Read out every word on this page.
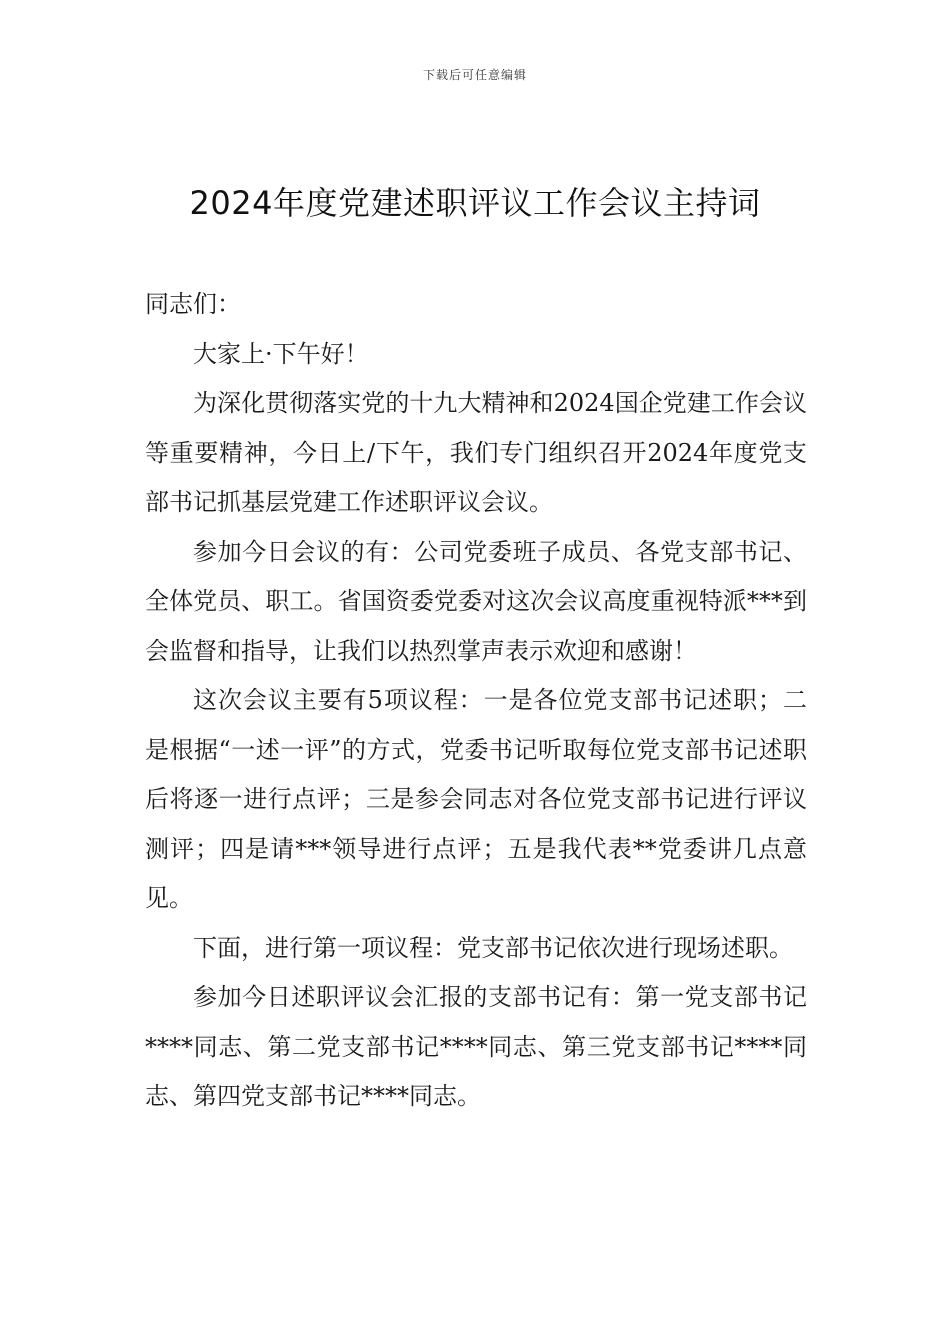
下载后可任意编辑
2024年度党建述职评议工作会议主持词

同志们：

大家上·下午好！

为深化贯彻落实党的十九大精神和2024国企党建工作会议等重要精神，今日上/下午，我们专门组织召开2024年度党支部书记抓基层党建工作述职评议会议。

参加今日会议的有：公司党委班子成员、各党支部书记、全体党员、职工。省国资委党委对这次会议高度重视特派***到会监督和指导，让我们以热烈掌声表示欢迎和感谢！

这次会议主要有5项议程：一是各位党支部书记述职；二是根据“一述一评”的方式，党委书记听取每位党支部书记述职后将逐一进行点评；三是参会同志对各位党支部书记进行评议测评；四是请***领导进行点评；五是我代表**党委讲几点意见。

下面，进行第一项议程：党支部书记依次进行现场述职。

参加今日述职评议会汇报的支部书记有：第一党支部书记****同志、第二党支部书记****同志、第三党支部书记****同志、第四党支部书记****同志。
